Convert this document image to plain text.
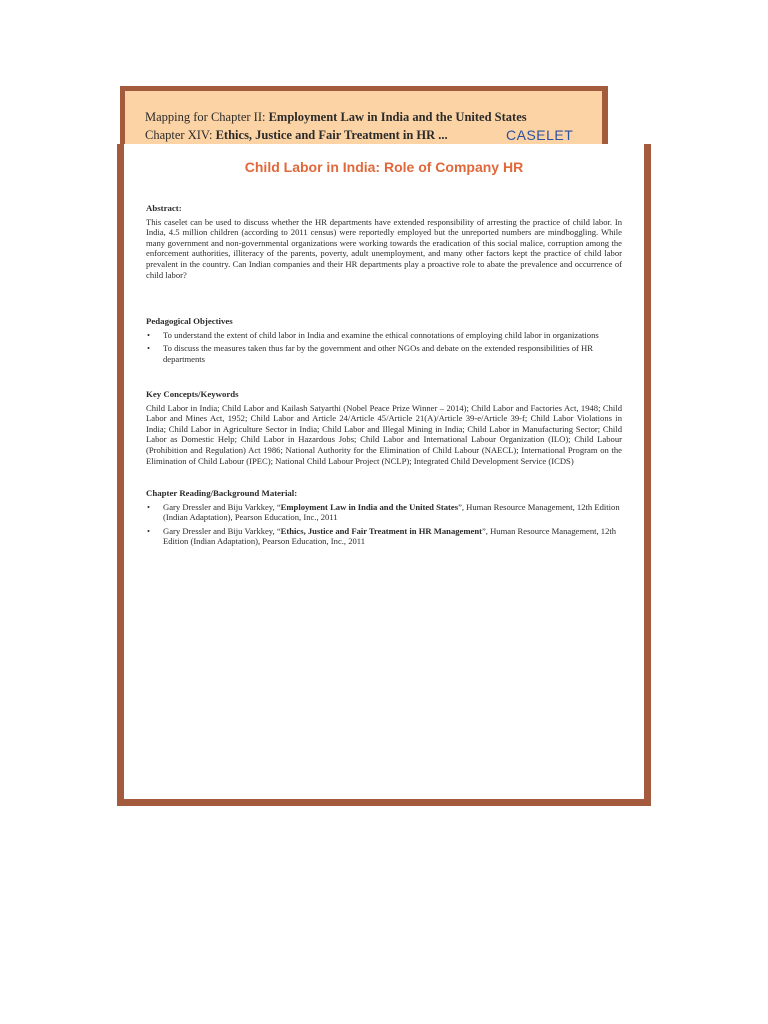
Mapping for Chapter II: Employment Law in India and the United States
Chapter XIV: Ethics, Justice and Fair Treatment in HR ...	CASELET
Child Labor in India: Role of Company HR
Abstract:

This caselet can be used to discuss whether the HR departments have extended responsibility of arresting the practice of child labor. In India, 4.5 million children (according to 2011 census) were reportedly employed but the unreported numbers are mindboggling. While many government and non-governmental organizations were working towards the eradication of this social malice, corruption among the enforcement authorities, illiteracy of the parents, poverty, adult unemployment, and many other factors kept the practice of child labor prevalent in the country. Can Indian companies and their HR departments play a proactive role to abate the prevalence and occurrence of child labor?

Pedagogical Objectives
• To understand the extent of child labor in India and examine the ethical connotations of employing child labor in organizations
• To discuss the measures taken thus far by the government and other NGOs and debate on the extended responsibilities of HR departments
Key Concepts/Keywords

Child Labor in India; Child Labor and Kailash Satyarthi (Nobel Peace Prize Winner – 2014); Child Labor and Factories Act, 1948; Child Labor and Mines Act, 1952; Child Labor and Article 24/Article 45/Article 21(A)/Article 39-e/Article 39-f; Child Labor Violations in India; Child Labor in Agriculture Sector in India; Child Labor and Illegal Mining in India; Child Labor in Manufacturing Sector; Child Labor as Domestic Help; Child Labor in Hazardous Jobs; Child Labor and International Labour Organization (ILO); Child Labour (Prohibition and Regulation) Act 1986; National Authority for the Elimination of Child Labour (NAECL); International Program on the Elimination of Child Labour (IPEC); National Child Labour Project (NCLP); Integrated Child Development Service (ICDS)

Chapter Reading/Background Material:
• Gary Dressler and Biju Varkkey, “Employment Law in India and the United States”, Human Resource Management, 12th Edition (Indian Adaptation), Pearson Education, Inc., 2011
• Gary Dressler and Biju Varkkey, “Ethics, Justice and Fair Treatment in HR Management”, Human Resource Management, 12th Edition (Indian Adaptation), Pearson Education, Inc., 2011
